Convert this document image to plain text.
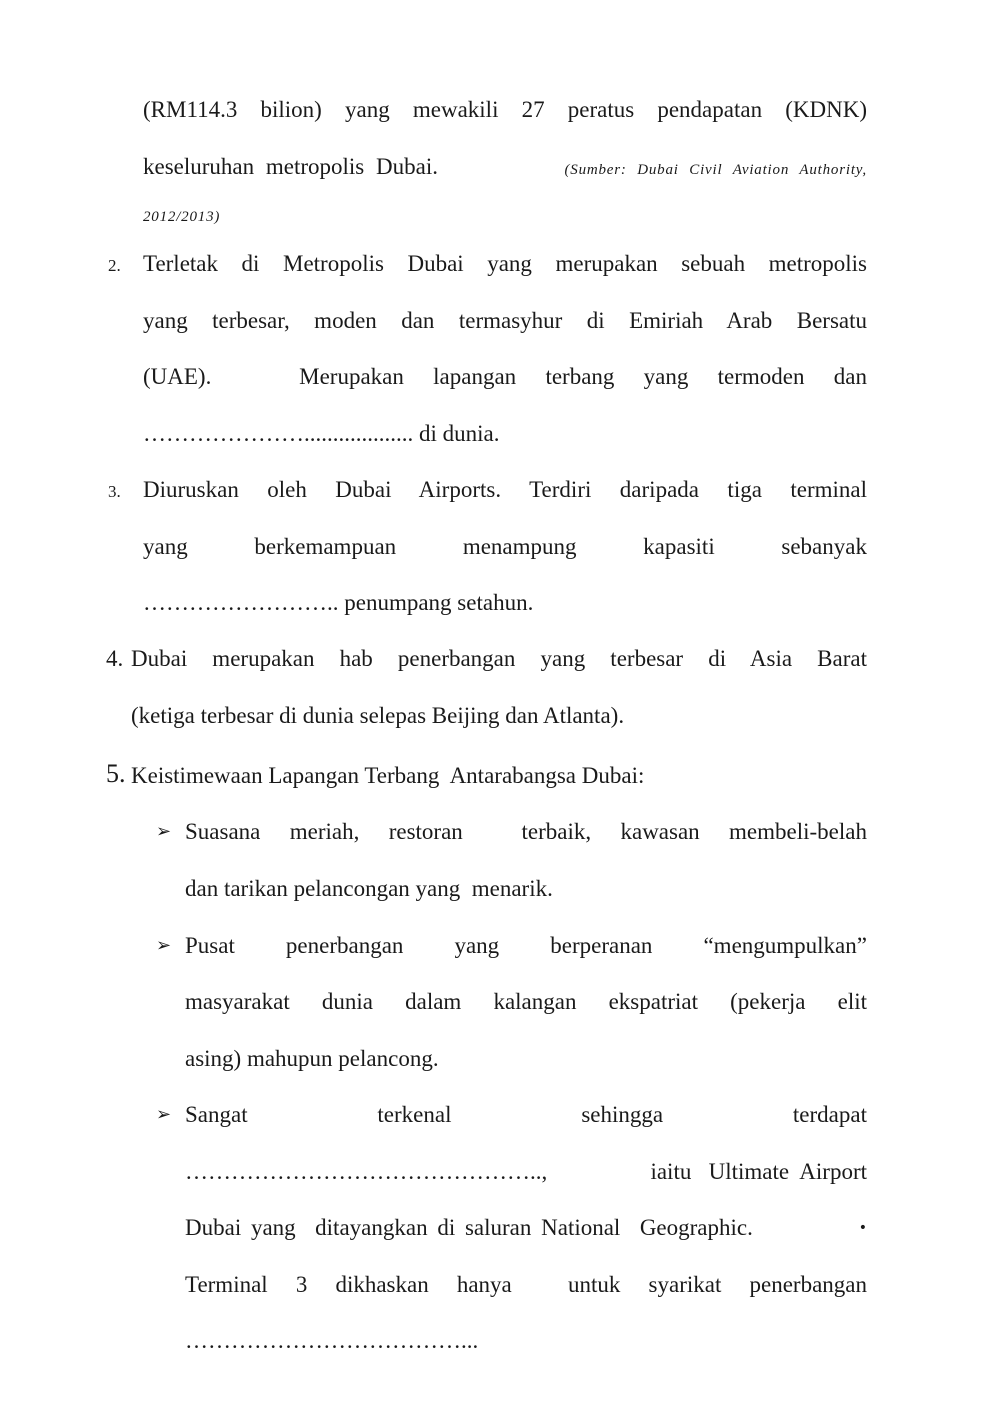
(RM114.3 bilion) yang mewakili 27 peratus pendapatan (KDNK)
keseluruhan metropolis Dubai.	(Sumber: Dubai Civil Aviation Authority,
2012/2013)
2. Terletak di Metropolis Dubai yang merupakan sebuah metropolis
yang terbesar, moden dan termasyhur di Emiriah Arab Bersatu
(UAE).   Merupakan lapangan terbang yang termoden dan
…………………................... di dunia.
3. Diuruskan oleh Dubai Airports. Terdiri daripada tiga terminal
yang	berkemampuan	menampung	kapasiti	sebanyak
…………………….. penumpang setahun.
4. Dubai merupakan hab penerbangan yang terbesar di Asia Barat
(ketiga terbesar di dunia selepas Beijing dan Atlanta).
5. Keistimewaan Lapangan Terbang  Antarabangsa Dubai:
➢ Suasana meriah, restoran  terbaik, kawasan membeli-belah
dan tarikan pelancongan yang  menarik.
➢ Pusat penerbangan yang berperanan “mengumpulkan”
masyarakat dunia dalam kalangan ekspatriat (pekerja elit
asing) mahupun pelancong.
➢ Sangat	terkenal	sehingga	terdapat
………………………………………..,	iaitu   Ultimate  Airport
Dubai yang  ditayangkan di saluran National  Geographic.	•
Terminal 3 dikhaskan hanya  untuk syarikat penerbangan
………………………………...
